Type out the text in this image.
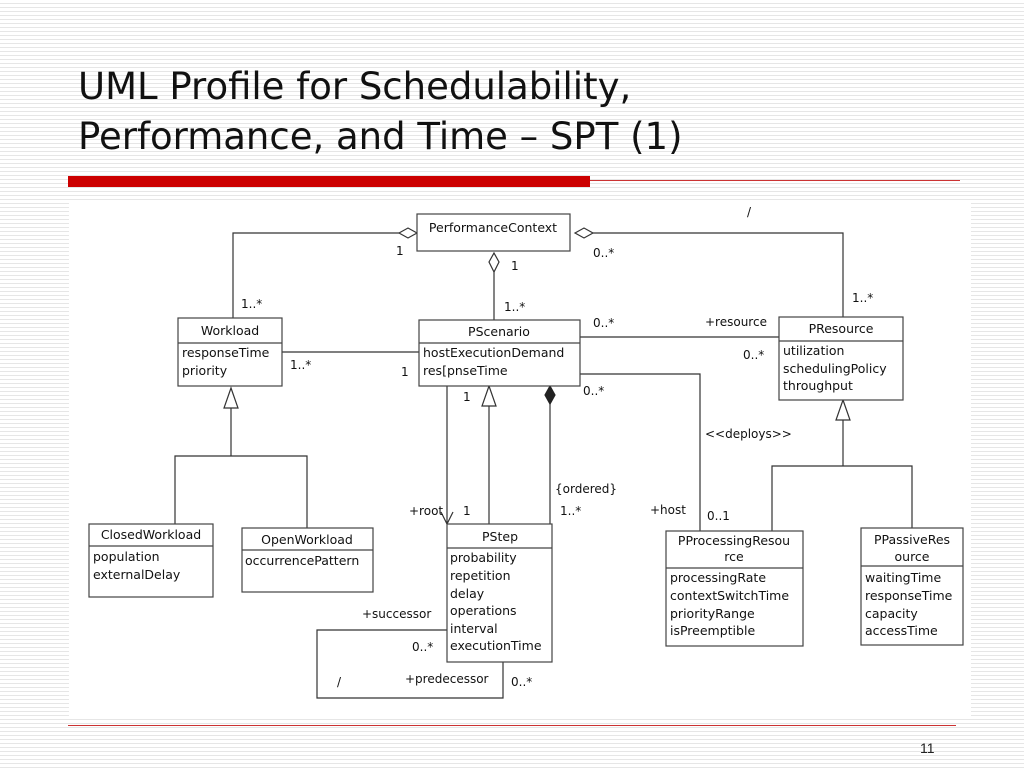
UML Profile for Schedulability,
Performance, and Time – SPT (1)
11
PerformanceContext
Workload
responseTime
priority
PScenario
hostExecutionDemand
res[pnseTime
PResource
utilization
schedulingPolicy
throughput
ClosedWorkload
population
externalDelay
OpenWorkload
occurrencePattern
PStep
probability
repetition
delay
operations
interval
executionTime
PProcessingResou
rce
processingRate
contextSwitchTime
priorityRange
isPreemptible
PPassiveRes
ource
waitingTime
responseTime
capacity
accessTime
1
1..*
1
1..*
0..*
1..*
/
1..*	1
0..*	+resource
0..*
1
+root 1
0..*
{ordered}
1..*
<<deploys>>
+host 0..1
+successor
0..*
+predecessor 0..*
/
